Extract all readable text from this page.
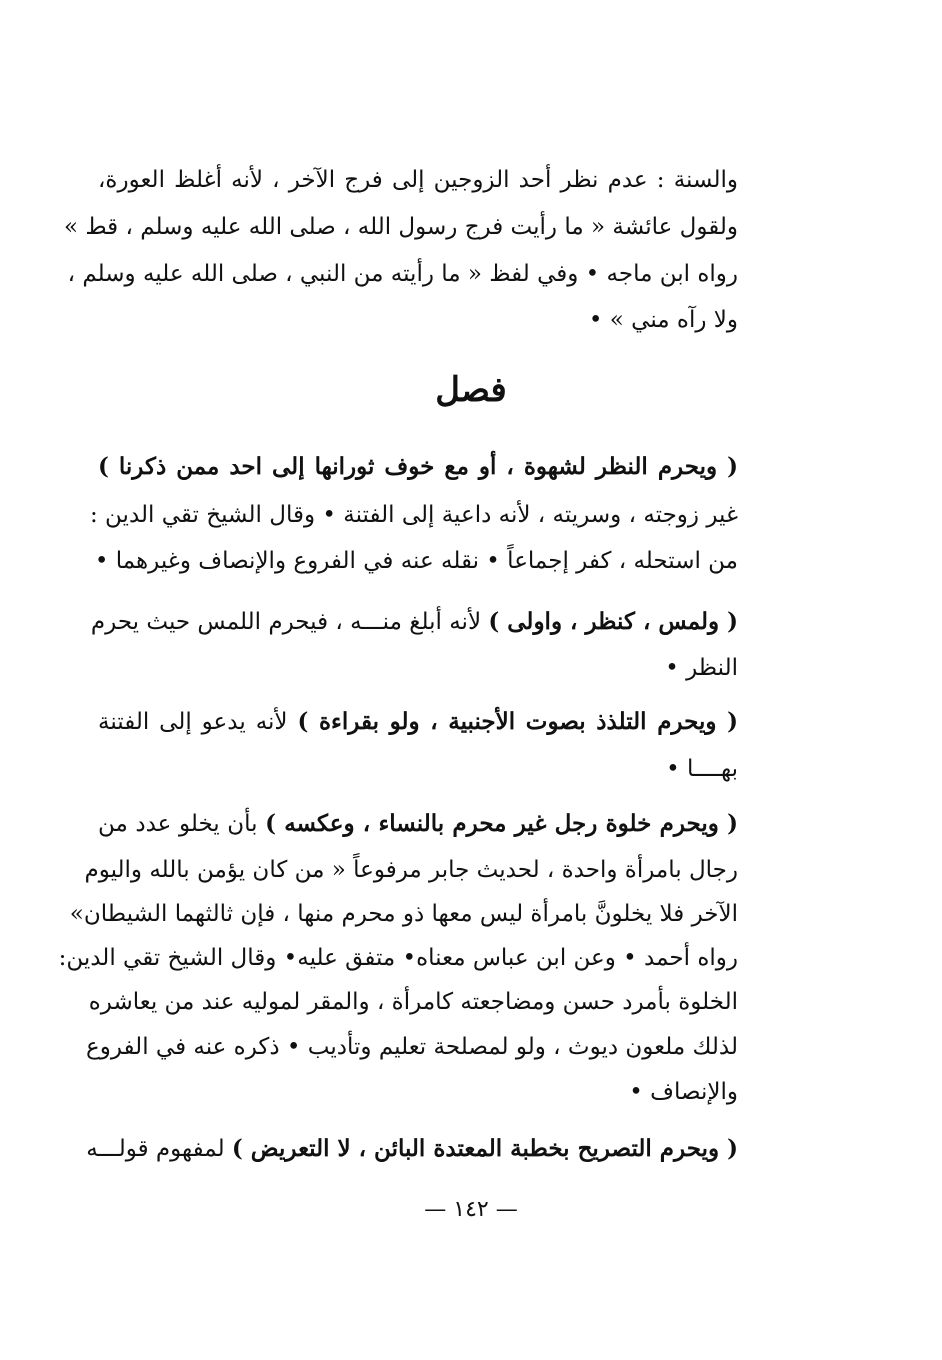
والسنة : عدم نظر أحد الزوجين إلى فرج الآخر ، لأنه أغلظ العورة،
ولقول عائشة « ما رأيت فرج رسول الله ، صلى الله عليه وسلم ، قط »
رواه ابن ماجه • وفي لفظ « ما رأيته من النبي ، صلى الله عليه وسلم ،
ولا رآه مني » •
فصل
( ويحرم النظر لشهوة ، أو مع خوف ثورانها إلى احد ممن ذكرنا )
غير زوجته ، وسريته ، لأنه داعية إلى الفتنة • وقال الشيخ تقي الدين :
من استحله ، كفر إجماعاً • نقله عنه في الفروع والإنصاف وغيرهما •
( ولمس ، كنظر ، واولى ) لأنه أبلغ منـــه ، فيحرم اللمس حيث يحرم
النظر •
( ويحرم التلذذ بصوت الأجنبية ، ولو بقراءة ) لأنه يدعو إلى الفتنة
بهــــا •
( ويحرم خلوة رجل غير محرم بالنساء ، وعكسه ) بأن يخلو عدد من
رجال بامرأة واحدة ، لحديث جابر مرفوعاً « من كان يؤمن بالله واليوم
الآخر فلا يخلونَّ بامرأة ليس معها ذو محرم منها ، فإن ثالثهما الشيطان»
رواه أحمد • وعن ابن عباس معناه• متفق عليه• وقال الشيخ تقي الدين:
الخلوة بأمرد حسن ومضاجعته كامرأة ، والمقر لموليه عند من يعاشره
لذلك ملعون ديوث ، ولو لمصلحة تعليم وتأديب • ذكره عنه في الفروع
والإنصاف •
( ويحرم التصريح بخطبة المعتدة البائن ، لا التعريض ) لمفهوم قولـــه
— ١٤٢ —
